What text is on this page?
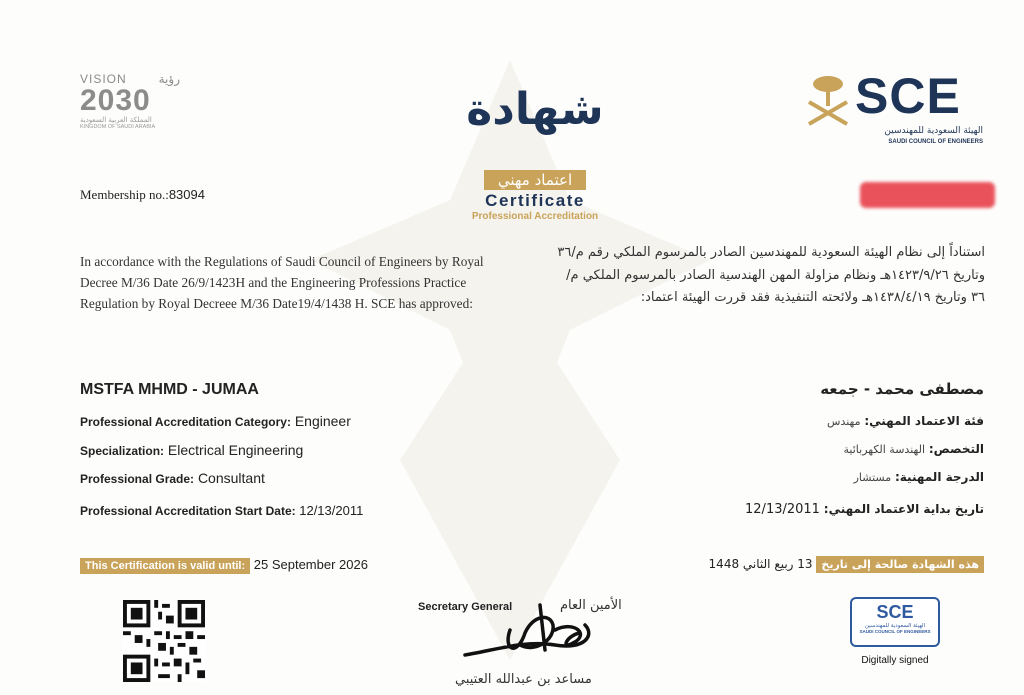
VISION	رؤية
2030
المملكة العربية السعودية
KINGDOM OF SAUDI ARABIA	شهادة
اعتماد مهني
Certificate
Professional Accreditation
SCE
الهيئة السعودية للمهندسين
SAUDI COUNCIL OF ENGINEERS
Membership no.:83094
In accordance with the Regulations of Saudi Council of Engineers by Royal Decree M/36 Date 26/9/1423H and the Engineering Professions Practice Regulation by Royal Decreee M/36 Date19/4/1438 H. SCE has approved:
استناداً إلى نظام الهيئة السعودية للمهندسين الصادر بالمرسوم الملكي رقم م/٣٦ وتاريخ ١٤٢٣/٩/٢٦هـ ونظام مزاولة المهن الهندسية الصادر بالمرسوم الملكي م/٣٦ وتاريخ ١٤٣٨/٤/١٩هـ ولائحته التنفيذية فقد قررت الهيئة اعتماد:
MSTFA MHMD - JUMAA	مصطفى محمد - جمعه
Professional Accreditation Category: Engineer	فئة الاعتماد المهني: مهندس
Specialization: Electrical Engineering	التخصص: الهندسة الكهربائية
Professional Grade: Consultant	الدرجة المهنية: مستشار
Professional Accreditation Start Date: 12/13/2011	تاريخ بداية الاعتماد المهني: 12/13/2011
This Certification is valid until: 25 September 2026	هذه الشهادة صالحة إلى تاريخ 13 ربيع الثاني 1448
Secretary General	الأمين العام
مساعد بن عبدالله العتيبي
SCE
الهيئة السعودية للمهندسين
SAUDI COUNCIL OF ENGINEERS
Digitally signed
